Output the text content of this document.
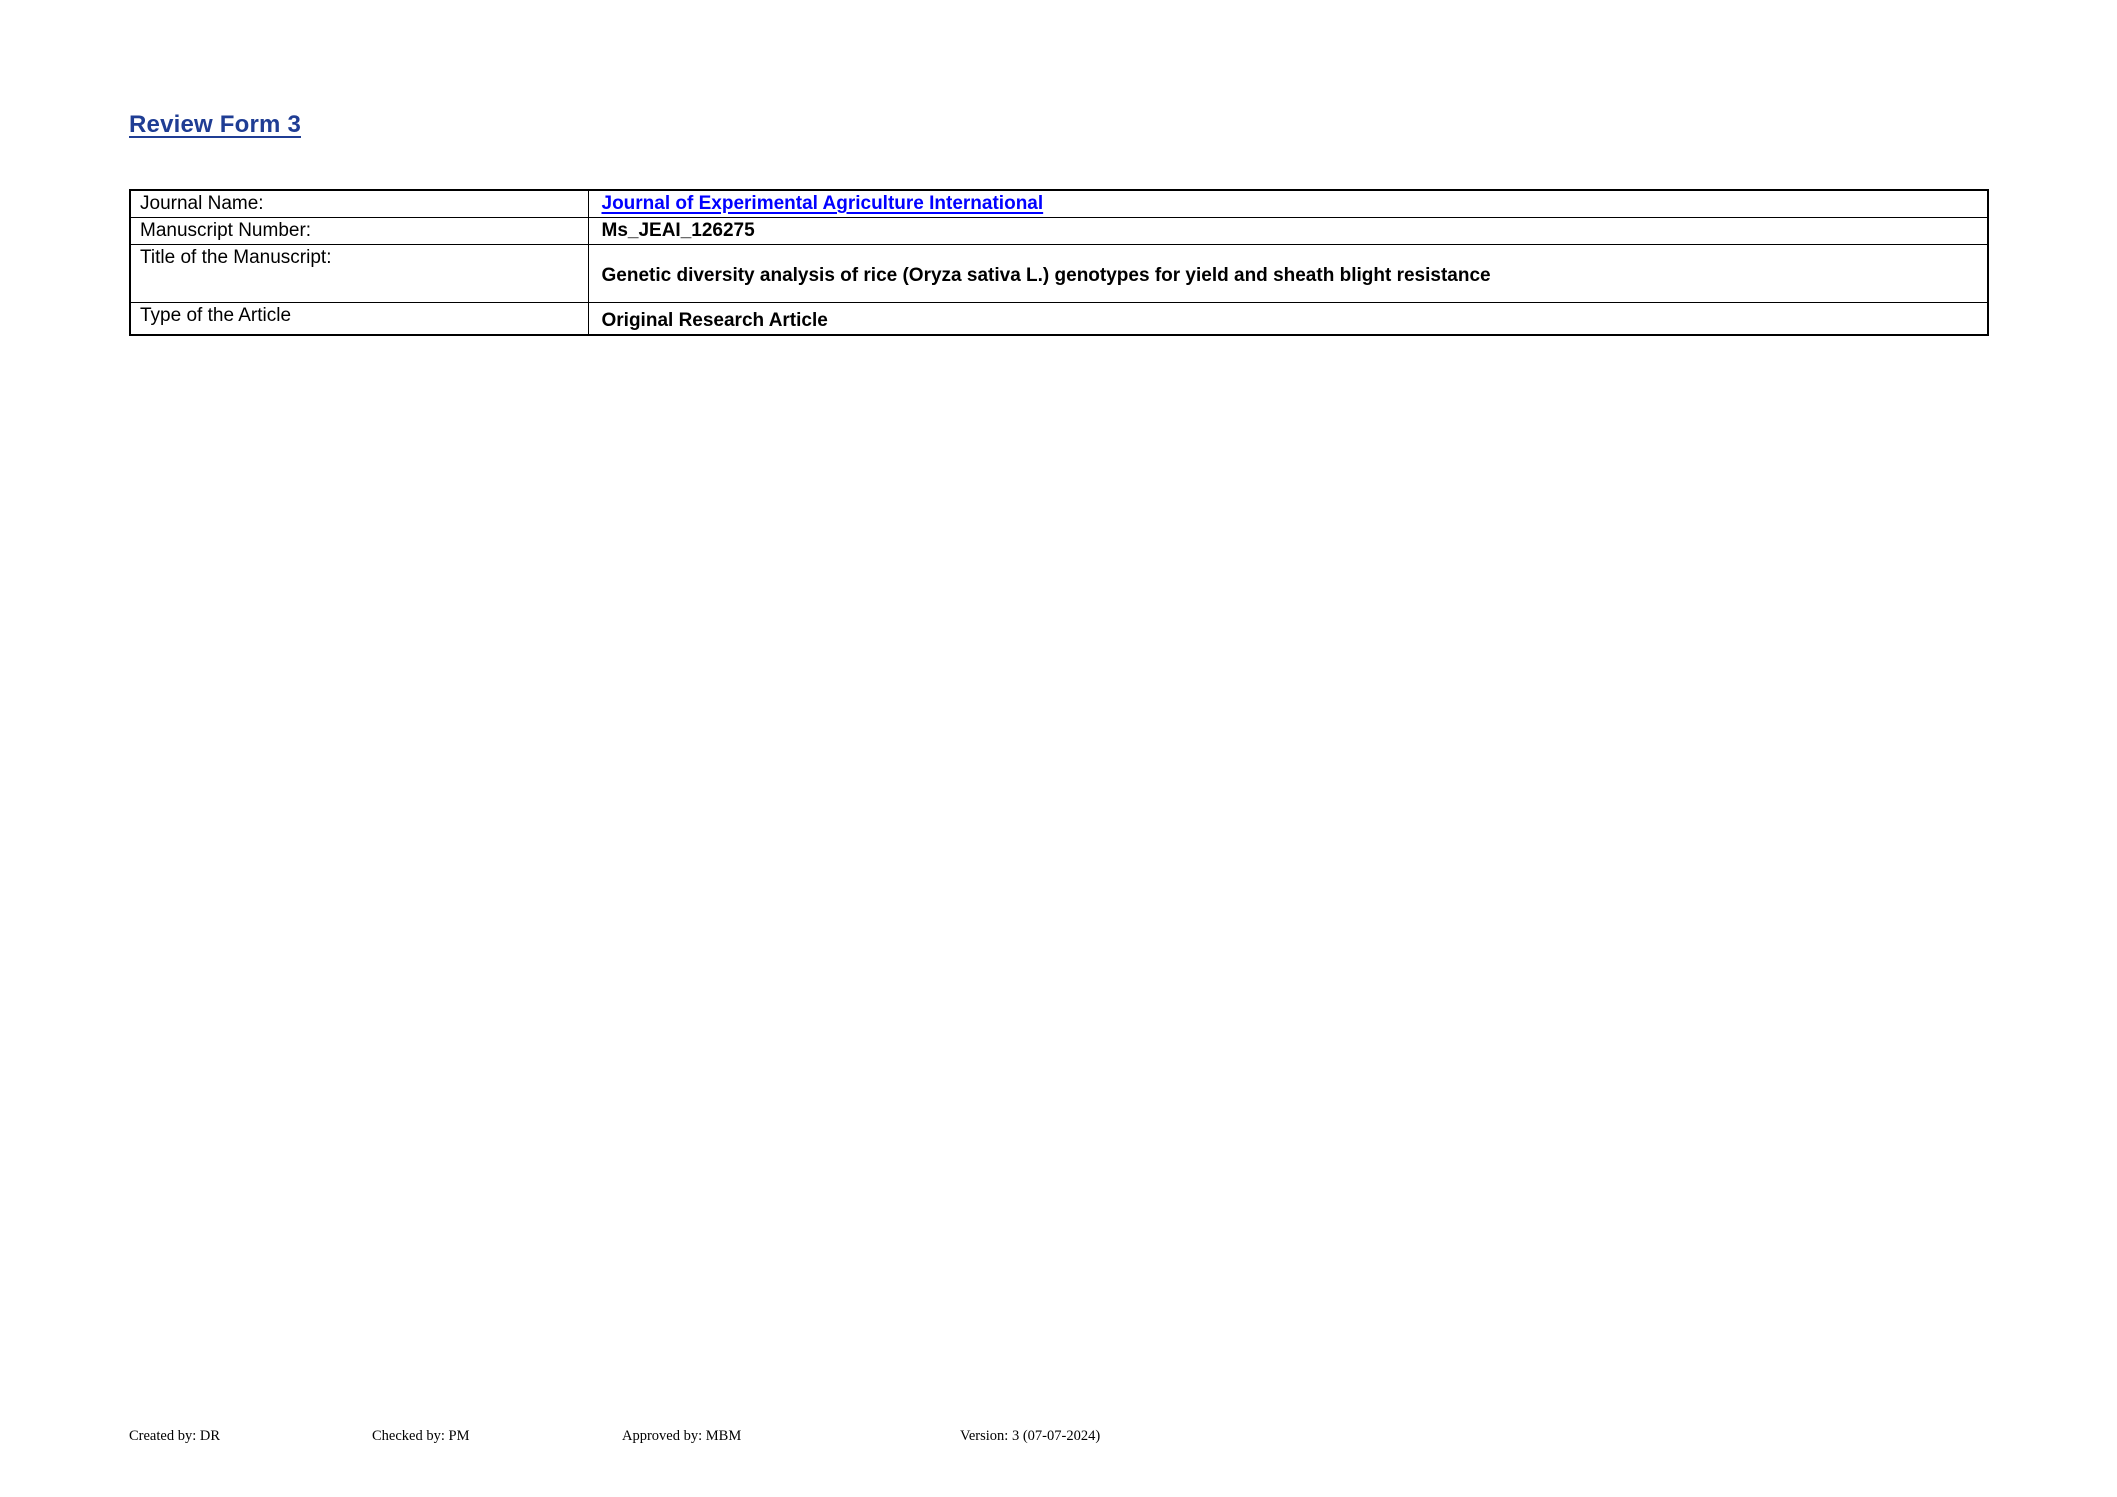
Review Form 3
Journal Name:	Journal of Experimental Agriculture International
Manuscript Number:	Ms_JEAI_126275
Title of the Manuscript:	Genetic diversity analysis of rice (Oryza sativa L.) genotypes for yield and sheath blight resistance
Type of the Article	Original Research Article
Created by: DR	Checked by: PM	Approved by: MBM	Version: 3 (07-07-2024)
